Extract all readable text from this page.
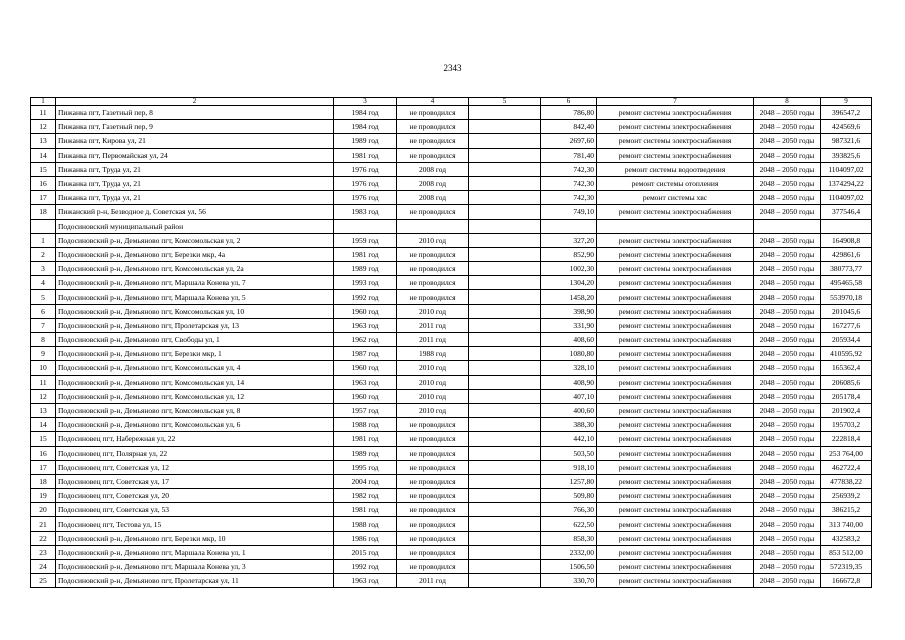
2343
1	2	3	4	5	6	7	8	9
11	Пижанка пгт, Газетный пер, 8	1984 год	не проводился		786,80	ремонт системы электроснабжения	2048 – 2050 годы	396547,2
12	Пижанка пгт, Газетный пер, 9	1984 год	не проводился		842,40	ремонт системы электроснабжения	2048 – 2050 годы	424569,6
13	Пижанка пгт, Кирова ул, 21	1989 год	не проводился		2697,60	ремонт системы электроснабжения	2048 – 2050 годы	987321,6
14	Пижанка пгт, Первомайская ул, 24	1981 год	не проводился		781,40	ремонт системы электроснабжения	2048 – 2050 годы	393825,6
15	Пижанка пгт, Труда ул, 21	1976 год	2008 год		742,30	ремонт системы водоотведения	2048 – 2050 годы	1104097,02
16	Пижанка пгт, Труда ул, 21	1976 год	2008 год		742,30	ремонт системы отопления	2048 – 2050 годы	1374294,22
17	Пижанка пгт, Труда ул, 21	1976 год	2008 год		742,30	ремонт системы хвс	2048 – 2050 годы	1104097,02
18	Пижанский р-н, Безводное д, Советская ул, 56	1983 год	не проводился		749,10	ремонт системы электроснабжения	2048 – 2050 годы	377546,4
	Подосиновский муниципальный район							
1	Подосиновский р-н, Демьяново пгт, Комсомольская ул, 2	1959 год	2010 год		327,20	ремонт системы электроснабжения	2048 – 2050 годы	164908,8
2	Подосиновский р-н, Демьяново пгт, Березки мкр, 4а	1981 год	не проводился		852,90	ремонт системы электроснабжения	2048 – 2050 годы	429861,6
3	Подосиновский р-н, Демьяново пгт, Комсомольская ул, 2а	1989 год	не проводился		1002,30	ремонт системы электроснабжения	2048 – 2050 годы	380773,77
4	Подосиновский р-н, Демьяново пгт, Маршала Конева ул, 7	1993 год	не проводился		1304,20	ремонт системы электроснабжения	2048 – 2050 годы	495465,58
5	Подосиновский р-н, Демьяново пгт, Маршала Конева ул, 5	1992 год	не проводился		1458,20	ремонт системы электроснабжения	2048 – 2050 годы	553970,18
6	Подосиновский р-н, Демьяново пгт, Комсомольская ул, 10	1960 год	2010 год		398,90	ремонт системы электроснабжения	2048 – 2050 годы	201045,6
7	Подосиновский р-н, Демьяново пгт, Пролетарская ул, 13	1963 год	2011 год		331,90	ремонт системы электроснабжения	2048 – 2050 годы	167277,6
8	Подосиновский р-н, Демьяново пгт, Свободы ул, 1	1962 год	2011 год		408,60	ремонт системы электроснабжения	2048 – 2050 годы	205934,4
9	Подосиновский р-н, Демьяново пгт, Березки мкр, 1	1987 год	1988 год		1080,80	ремонт системы электроснабжения	2048 – 2050 годы	410595,92
10	Подосиновский р-н, Демьяново пгт, Комсомольская ул, 4	1960 год	2010 год		328,10	ремонт системы электроснабжения	2048 – 2050 годы	165362,4
11	Подосиновский р-н, Демьяново пгт, Комсомольская ул, 14	1963 год	2010 год		408,90	ремонт системы электроснабжения	2048 – 2050 годы	206085,6
12	Подосиновский р-н, Демьяново пгт, Комсомольская ул, 12	1960 год	2010 год		407,10	ремонт системы электроснабжения	2048 – 2050 годы	205178,4
13	Подосиновский р-н, Демьяново пгт, Комсомольская ул, 8	1957 год	2010 год		400,60	ремонт системы электроснабжения	2048 – 2050 годы	201902,4
14	Подосиновский р-н, Демьяново пгт, Комсомольская ул, 6	1988 год	не проводился		388,30	ремонт системы электроснабжения	2048 – 2050 годы	195703,2
15	Подосиновец пгт, Набережная ул, 22	1981 год	не проводился		442,10	ремонт системы электроснабжения	2048 – 2050 годы	222818,4
16	Подосиновец пгт, Полярная ул, 22	1989 год	не проводился		503,50	ремонт системы электроснабжения	2048 – 2050 годы	253 764,00
17	Подосиновец пгт, Советская ул, 12	1995 год	не проводился		918,10	ремонт системы электроснабжения	2048 – 2050 годы	462722,4
18	Подосиновец пгт, Советская ул, 17	2004 год	не проводился		1257,80	ремонт системы электроснабжения	2048 – 2050 годы	477838,22
19	Подосиновец пгт, Советская ул, 20	1982 год	не проводился		509,80	ремонт системы электроснабжения	2048 – 2050 годы	256939,2
20	Подосиновец пгт, Советская ул, 53	1981 год	не проводился		766,30	ремонт системы электроснабжения	2048 – 2050 годы	386215,2
21	Подосиновец пгт, Тестова ул, 15	1988 год	не проводился		622,50	ремонт системы электроснабжения	2048 – 2050 годы	313 740,00
22	Подосиновский р-н, Демьяново пгт, Березки мкр, 10	1986 год	не проводился		858,30	ремонт системы электроснабжения	2048 – 2050 годы	432583,2
23	Подосиновский р-н, Демьяново пгт, Маршала Конева ул, 1	2015 год	не проводился		2332,00	ремонт системы электроснабжения	2048 – 2050 годы	853 512,00
24	Подосиновский р-н, Демьяново пгт, Маршала Конева ул, 3	1992 год	не проводился		1506,50	ремонт системы электроснабжения	2048 – 2050 годы	572319,35
25	Подосиновский р-н, Демьяново пгт, Пролетарская ул, 11	1963 год	2011 год		330,70	ремонт системы электроснабжения	2048 – 2050 годы	166672,8
